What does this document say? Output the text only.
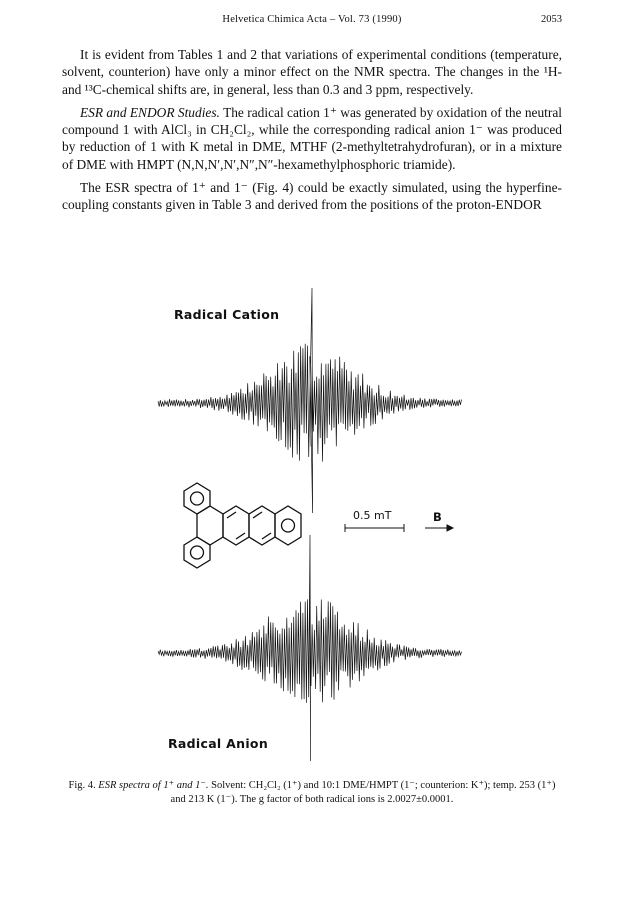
Helvetica Chimica Acta – Vol. 73 (1990)	2053

It is evident from Tables 1 and 2 that variations of experimental conditions (temperature, solvent, counterion) have only a minor effect on the NMR spectra. The changes in the ¹H- and ¹³C-chemical shifts are, in general, less than 0.3 and 3 ppm, respectively.

ESR and ENDOR Studies. The radical cation 1⁺ was generated by oxidation of the neutral compound 1 with AlCl₃ in CH₂Cl₂, while the corresponding radical anion 1⁻ was produced by reduction of 1 with K metal in DME, MTHF (2-methyltetrahydrofuran), or in a mixture of DME with HMPT (N,N,N′,N′,N″,N″-hexamethylphosphoric triamide).

The ESR spectra of 1⁺ and 1⁻ (Fig. 4) could be exactly simulated, using the hyperfine-coupling constants given in Table 3 and derived from the positions of the proton-ENDOR

Radical Cation
Radical Anion
0.5 mT	B
Fig. 4. ESR spectra of 1⁺ and 1⁻. Solvent: CH₂Cl₂ (1⁺) and 10:1 DME/HMPT (1⁻; counterion: K⁺); temp. 253 (1⁺) and 213 K (1⁻). The g factor of both radical ions is 2.0027±0.0001.
